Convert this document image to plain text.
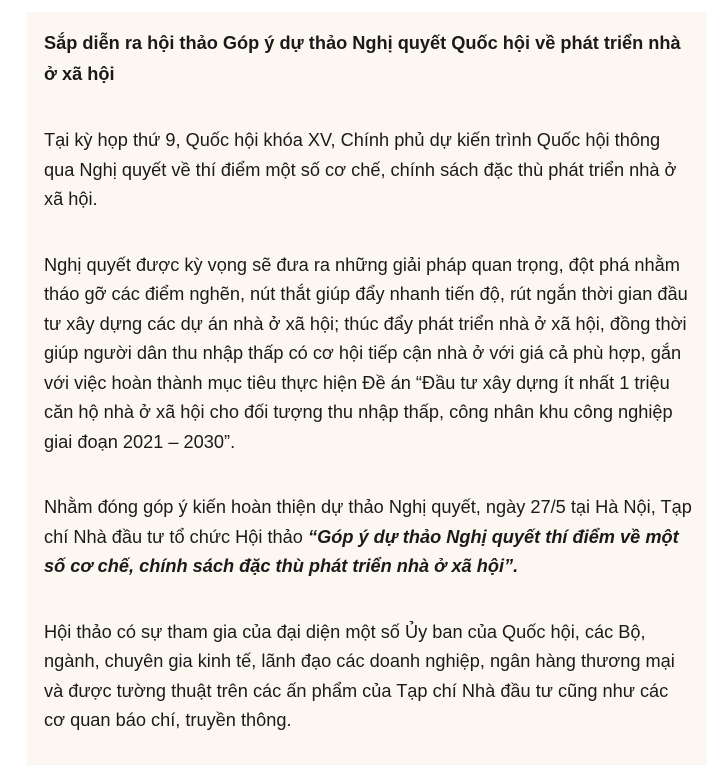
Sắp diễn ra hội thảo Góp ý dự thảo Nghị quyết Quốc hội về phát triển nhà ở xã hội

Tại kỳ họp thứ 9, Quốc hội khóa XV, Chính phủ dự kiến trình Quốc hội thông qua Nghị quyết về thí điểm một số cơ chế, chính sách đặc thù phát triển nhà ở xã hội.

Nghị quyết được kỳ vọng sẽ đưa ra những giải pháp quan trọng, đột phá nhằm tháo gỡ các điểm nghẽn, nút thắt giúp đẩy nhanh tiến độ, rút ngắn thời gian đầu tư xây dựng các dự án nhà ở xã hội; thúc đẩy phát triển nhà ở xã hội, đồng thời giúp người dân thu nhập thấp có cơ hội tiếp cận nhà ở với giá cả phù hợp, gắn với việc hoàn thành mục tiêu thực hiện Đề án “Đầu tư xây dựng ít nhất 1 triệu căn hộ nhà ở xã hội cho đối tượng thu nhập thấp, công nhân khu công nghiệp giai đoạn 2021 – 2030”.

Nhằm đóng góp ý kiến hoàn thiện dự thảo Nghị quyết, ngày 27/5 tại Hà Nội, Tạp chí Nhà đầu tư tổ chức Hội thảo “Góp ý dự thảo Nghị quyết thí điểm về một số cơ chế, chính sách đặc thù phát triển nhà ở xã hội”.

Hội thảo có sự tham gia của đại diện một số Ủy ban của Quốc hội, các Bộ, ngành, chuyên gia kinh tế, lãnh đạo các doanh nghiệp, ngân hàng thương mại và được tường thuật trên các ấn phẩm của Tạp chí Nhà đầu tư cũng như các cơ quan báo chí, truyền thông.
